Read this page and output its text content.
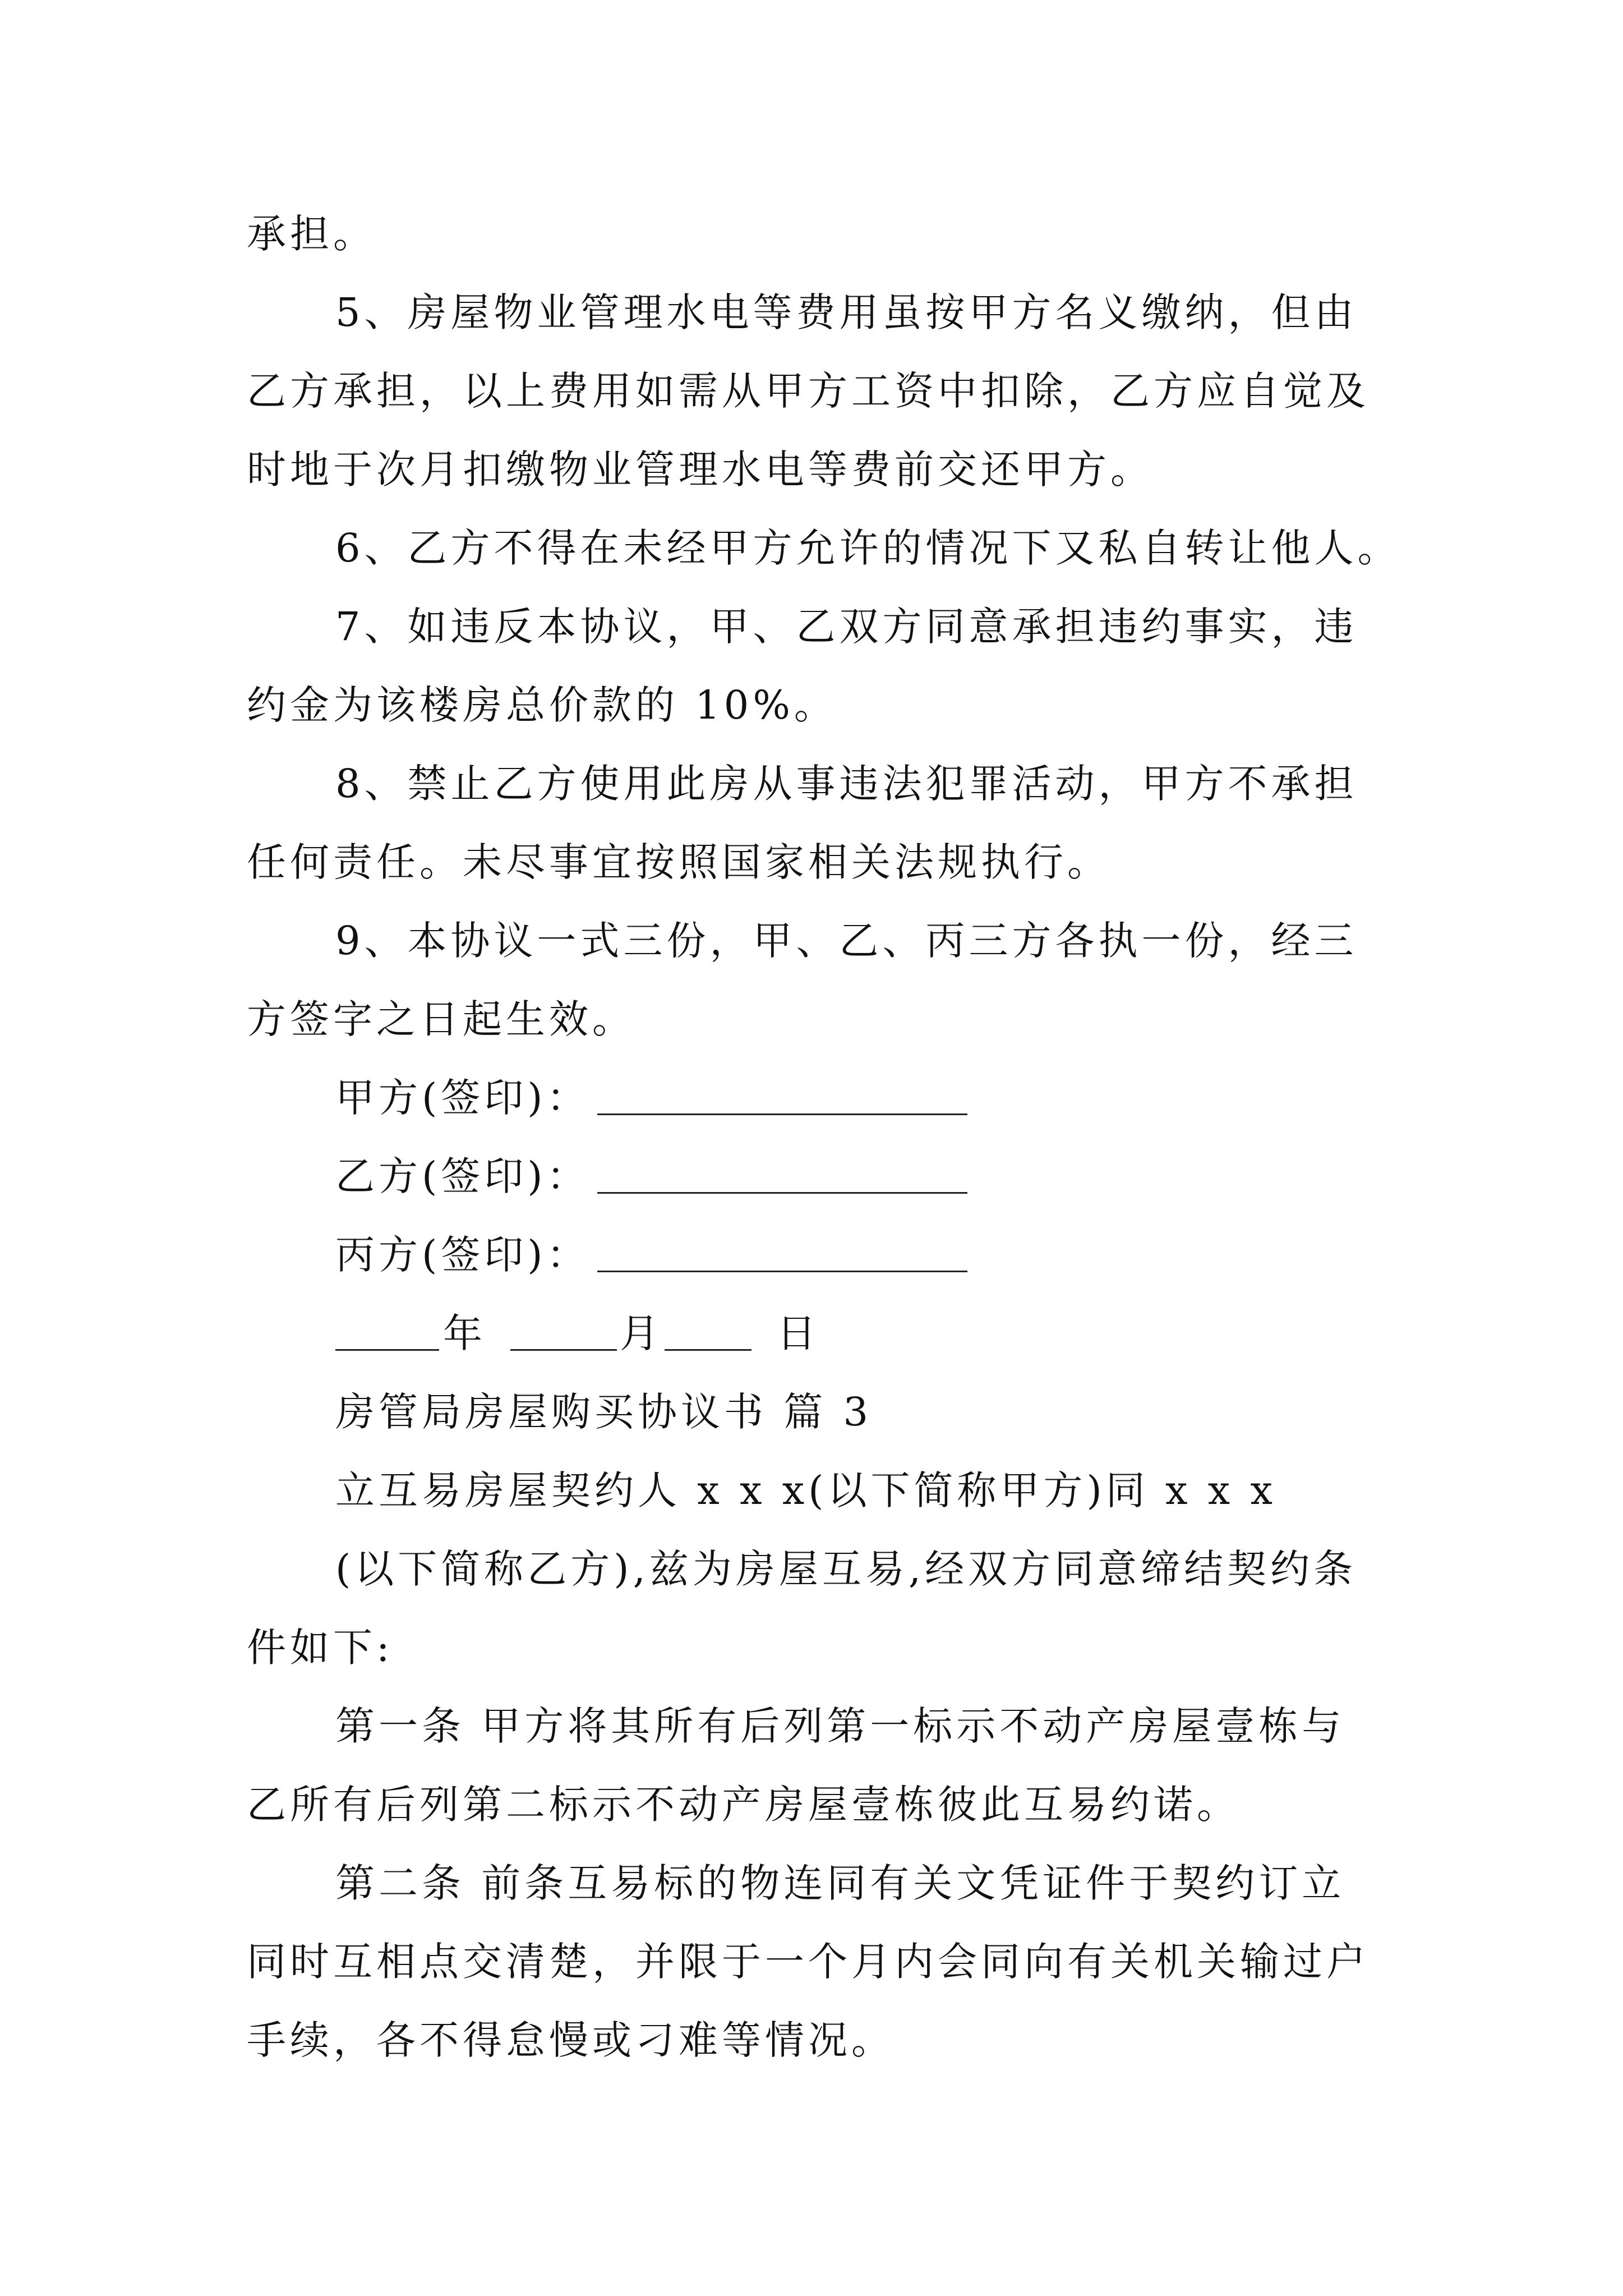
承担。
5、房屋物业管理水电等费用虽按甲方名义缴纳，但由
乙方承担，以上费用如需从甲方工资中扣除，乙方应自觉及
时地于次月扣缴物业管理水电等费前交还甲方。
6、乙方不得在未经甲方允许的情况下又私自转让他人。
7、如违反本协议，甲、乙双方同意承担违约事实，违
约金为该楼房总价款的 10%。
8、禁止乙方使用此房从事违法犯罪活动，甲方不承担
任何责任。未尽事宜按照国家相关法规执行。
9、本协议一式三份，甲、乙、丙三方各执一份，经三
方签字之日起生效。
甲方(签印)：
乙方(签印)：
丙方(签印)：
年	月	日
房管局房屋购买协议书 篇 3
立互易房屋契约人 x x x(以下简称甲方)同 x x x
(以下简称乙方),兹为房屋互易,经双方同意缔结契约条
件如下:
第一条 甲方将其所有后列第一标示不动产房屋壹栋与
乙所有后列第二标示不动产房屋壹栋彼此互易约诺。
第二条 前条互易标的物连同有关文凭证件于契约订立
同时互相点交清楚，并限于一个月内会同向有关机关输过户
手续，各不得怠慢或刁难等情况。
